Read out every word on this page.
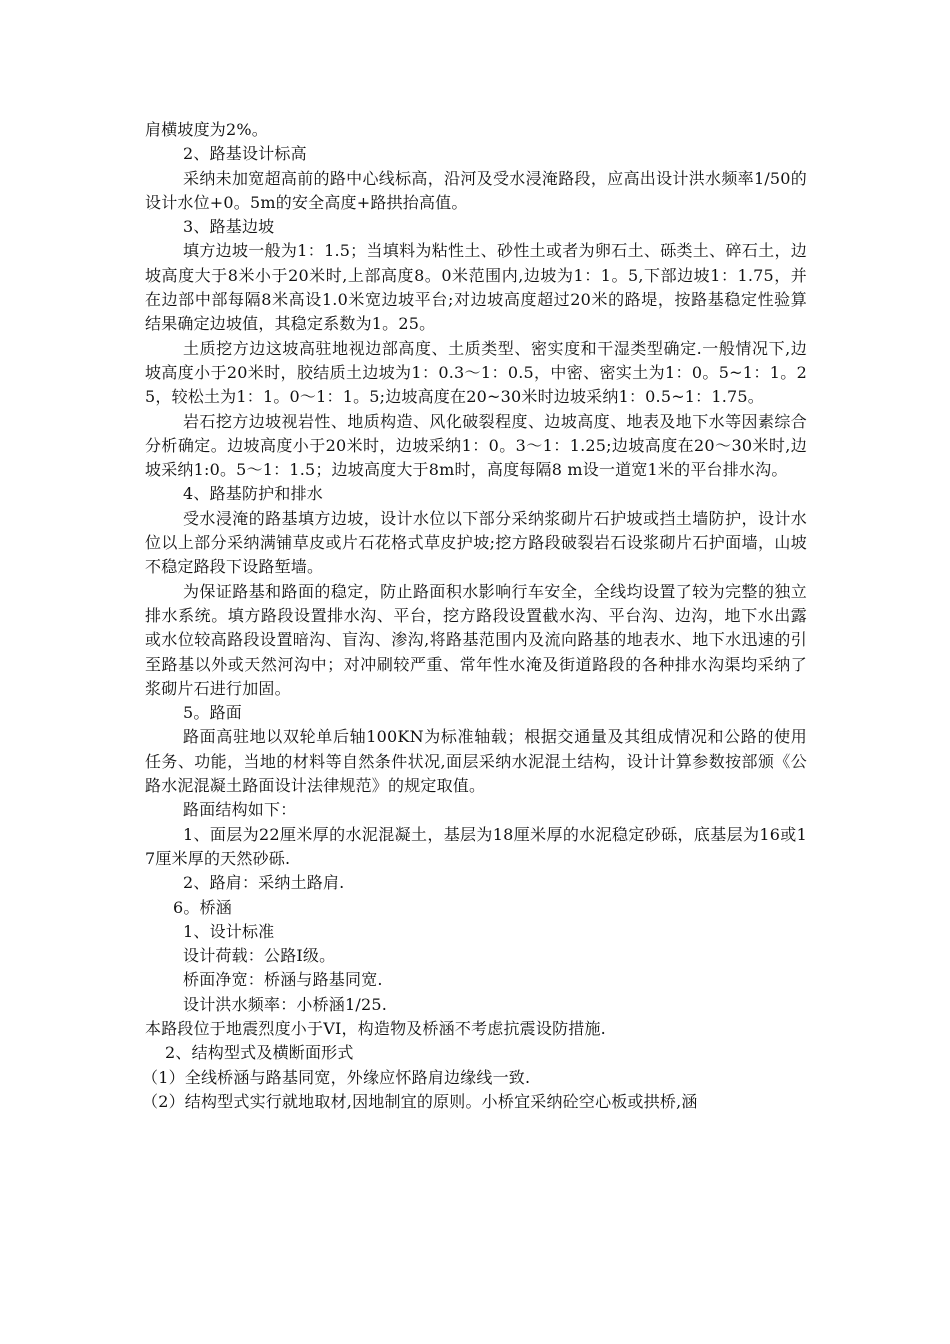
肩横坡度为2%。

2、路基设计标高

采纳未加宽超高前的路中心线标高，沿河及受水浸淹路段，应高出设计洪水频率1/50的设计水位+0。5m的安全高度+路拱抬高值。

3、路基边坡

填方边坡一般为1：1.5；当填料为粘性土、砂性土或者为卵石土、砾类土、碎石土，边坡高度大于8米小于20米时,上部高度8。0米范围内,边坡为1：1。5,下部边坡1：1.75，并在边部中部每隔8米高设1.0米宽边坡平台;对边坡高度超过20米的路堤，按路基稳定性验算结果确定边坡值，其稳定系数为1。25。

土质挖方边这坡高驻地视边部高度、土质类型、密实度和干湿类型确定.一般情况下,边坡高度小于20米时，胶结质土边坡为1：0.3～1：0.5，中密、密实土为1：0。5~1：1。25，较松土为1：1。0～1：1。5;边坡高度在20~30米时边坡采纳1：0.5~1：1.75。

岩石挖方边坡视岩性、地质构造、风化破裂程度、边坡高度、地表及地下水等因素综合分析确定。边坡高度小于20米时，边坡采纳1：0。3～1：1.25;边坡高度在20～30米时,边坡采纳1:0。5～1：1.5；边坡高度大于8m时，高度每隔8 m设一道宽1米的平台排水沟。

4、路基防护和排水

受水浸淹的路基填方边坡，设计水位以下部分采纳浆砌片石护坡或挡土墙防护，设计水位以上部分采纳满铺草皮或片石花格式草皮护坡;挖方路段破裂岩石设浆砌片石护面墙，山坡不稳定路段下设路堑墙。

为保证路基和路面的稳定，防止路面积水影响行车安全，全线均设置了较为完整的独立排水系统。填方路段设置排水沟、平台，挖方路段设置截水沟、平台沟、边沟，地下水出露或水位较高路段设置暗沟、盲沟、渗沟,将路基范围内及流向路基的地表水、地下水迅速的引至路基以外或天然河沟中；对冲刷较严重、常年性水淹及街道路段的各种排水沟渠均采纳了浆砌片石进行加固。

5。路面

路面高驻地以双轮单后轴100KN为标准轴载；根据交通量及其组成情况和公路的使用任务、功能，当地的材料等自然条件状况,面层采纳水泥混土结构，设计计算参数按部颁《公路水泥混凝土路面设计法律规范》的规定取值。

路面结构如下：

1、面层为22厘米厚的水泥混凝土，基层为18厘米厚的水泥稳定砂砾，底基层为16或17厘米厚的天然砂砾.

2、路肩：采纳土路肩.

6。桥涵

1、设计标准

设计荷载：公路I级。

桥面净宽：桥涵与路基同宽.

设计洪水频率：小桥涵1/25.

本路段位于地震烈度小于VI，构造物及桥涵不考虑抗震设防措施.

2、结构型式及横断面形式

（1）全线桥涵与路基同宽，外缘应怀路肩边缘线一致.

（2）结构型式实行就地取材,因地制宜的原则。小桥宜采纳砼空心板或拱桥,涵
